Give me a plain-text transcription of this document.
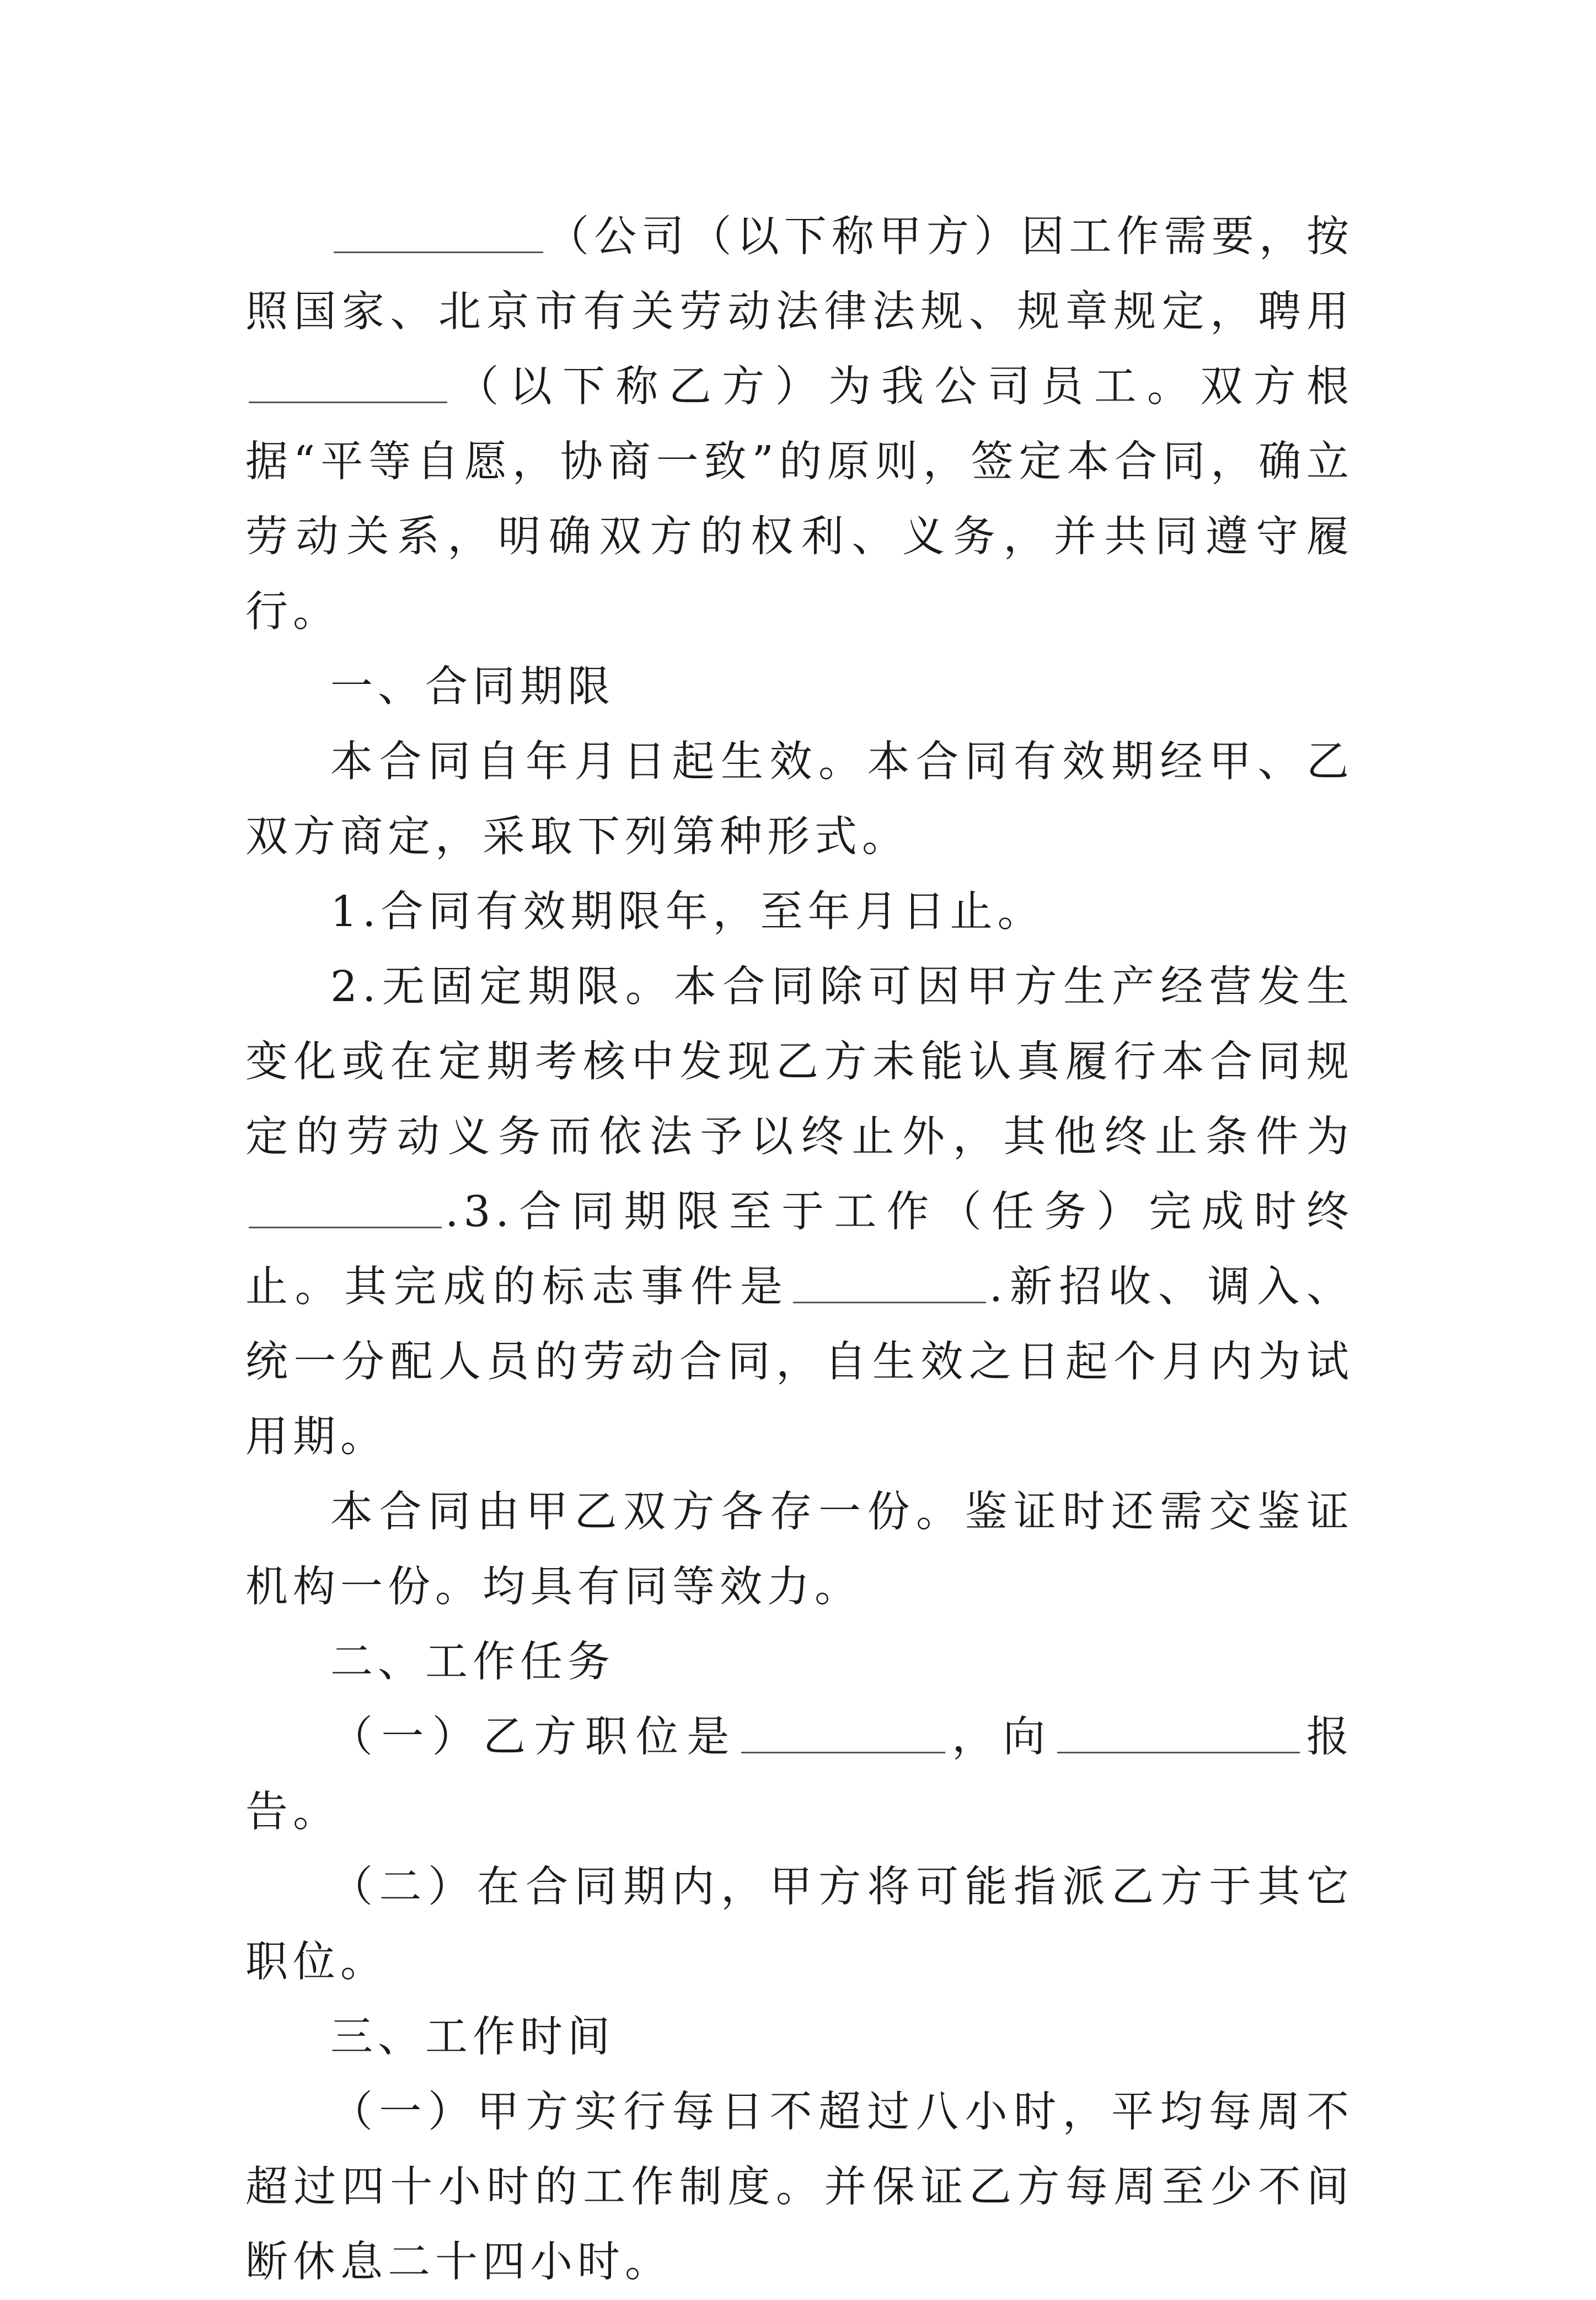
（公司（以下称甲方）因工作需要，按照国家、北京市有关劳动法律法规、规章规定，聘用（以下称乙方）为我公司员工。双方根据“平等自愿，协商一致”的原则，签定本合同，确立劳动关系，明确双方的权利、义务，并共同遵守履行。

一、合同期限

本合同自年月日起生效。本合同有效期经甲、乙双方商定，采取下列第种形式。

1.合同有效期限年，至年月日止。

2.无固定期限。本合同除可因甲方生产经营发生变化或在定期考核中发现乙方未能认真履行本合同规定的劳动义务而依法予以终止外，其他终止条件为.3.合同期限至于工作（任务）完成时终止。其完成的标志事件是	.新招收、调入、统一分配人员的劳动合同，自生效之日起个月内为试用期。

本合同由甲乙双方各存一份。鉴证时还需交鉴证机构一份。均具有同等效力。

二、工作任务

（一）乙方职位是	，向	报告。

（二）在合同期内，甲方将可能指派乙方于其它职位。

三、工作时间

（一）甲方实行每日不超过八小时，平均每周不超过四十小时的工作制度。并保证乙方每周至少不间断休息二十四小时。
